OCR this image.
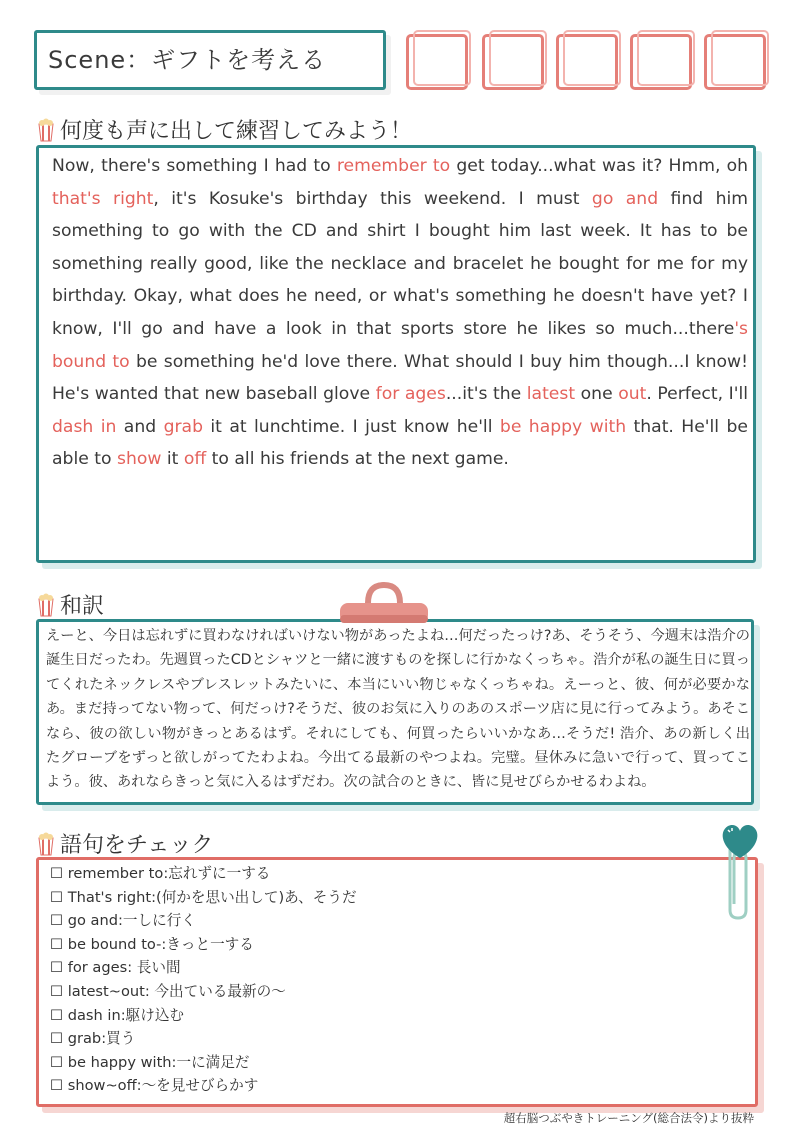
Scene：ギフトを考える
何度も声に出して練習してみよう！
Now, there's something I had to remember to get today...what was it? Hmm, oh that's right, it's Kosuke's birthday this weekend. I must go and find him something to go with the CD and shirt I bought him last week. It has to be something really good, like the necklace and bracelet he bought for me for my birthday. Okay, what does he need, or what's something he doesn't have yet? I know, I'll go and have a look in that sports store he likes so much...there's bound to be something he'd love there. What should I buy him though...I know! He's wanted that new baseball glove for ages...it's the latest one out. Perfect, I'll dash in and grab it at lunchtime. I just know he'll be happy with that. He'll be able to show it off to all his friends at the next game.
和訳
えーと、今日は忘れずに買わなければいけない物があったよね…何だったっけ?あ、そうそう、今週末は浩介の誕生日だったわ。先週買ったCDとシャツと一緒に渡すものを探しに行かなくっちゃ。浩介が私の誕生日に買ってくれたネックレスやブレスレットみたいに、本当にいい物じゃなくっちゃね。えーっと、彼、何が必要かなあ。まだ持ってない物って、何だっけ?そうだ、彼のお気に入りのあのスポーツ店に見に行ってみよう。あそこなら、彼の欲しい物がきっとあるはず。それにしても、何買ったらいいかなあ…そうだ! 浩介、あの新しく出たグローブをずっと欲しがってたわよね。今出てる最新のやつよね。完璧。昼休みに急いで行って、買ってこよう。彼、あれならきっと気に入るはずだわ。次の試合のときに、皆に見せびらかせるわよね。
語句をチェック
☐ remember to:忘れずに一する
☐ That's right:(何かを思い出して)あ、そうだ
☐ go and:一しに行く
☐ be bound to-:きっと一する
☐ for ages: 長い間
☐ latest~out: 今出ている最新の〜
☐ dash in:駆け込む
☐ grab:買う
☐ be happy with:一に満足だ
☐ show~off:〜を見せびらかす
超右脳つぶやきトレーニング(総合法令)より抜粋
